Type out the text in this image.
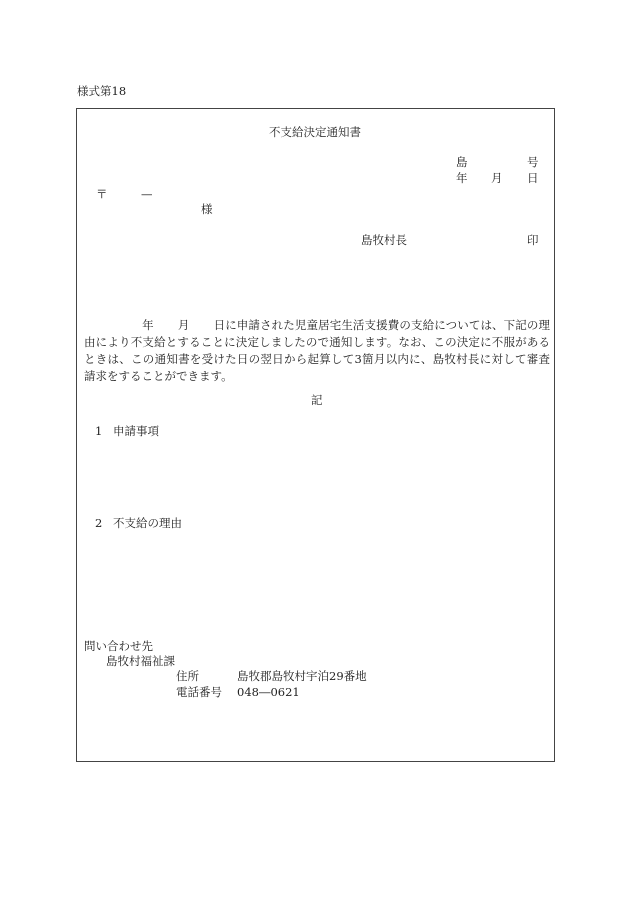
様式第18
不支給決定通知書
島	号
年 月 日
〒	—
様
島牧村長	印
年 月 日に申請された児童居宅生活支援費の支給については、下記の理由により不支給とすることに決定しましたので通知します。なお、この決定に不服があるときは、この通知書を受けた日の翌日から起算して3箇月以内に、島牧村長に対して審査請求をすることができます。
記
1 申請事項
2 不支給の理由
問い合わせ先
島牧村福祉課
住所	島牧郡島牧村宇泊29番地
電話番号 048―0621
